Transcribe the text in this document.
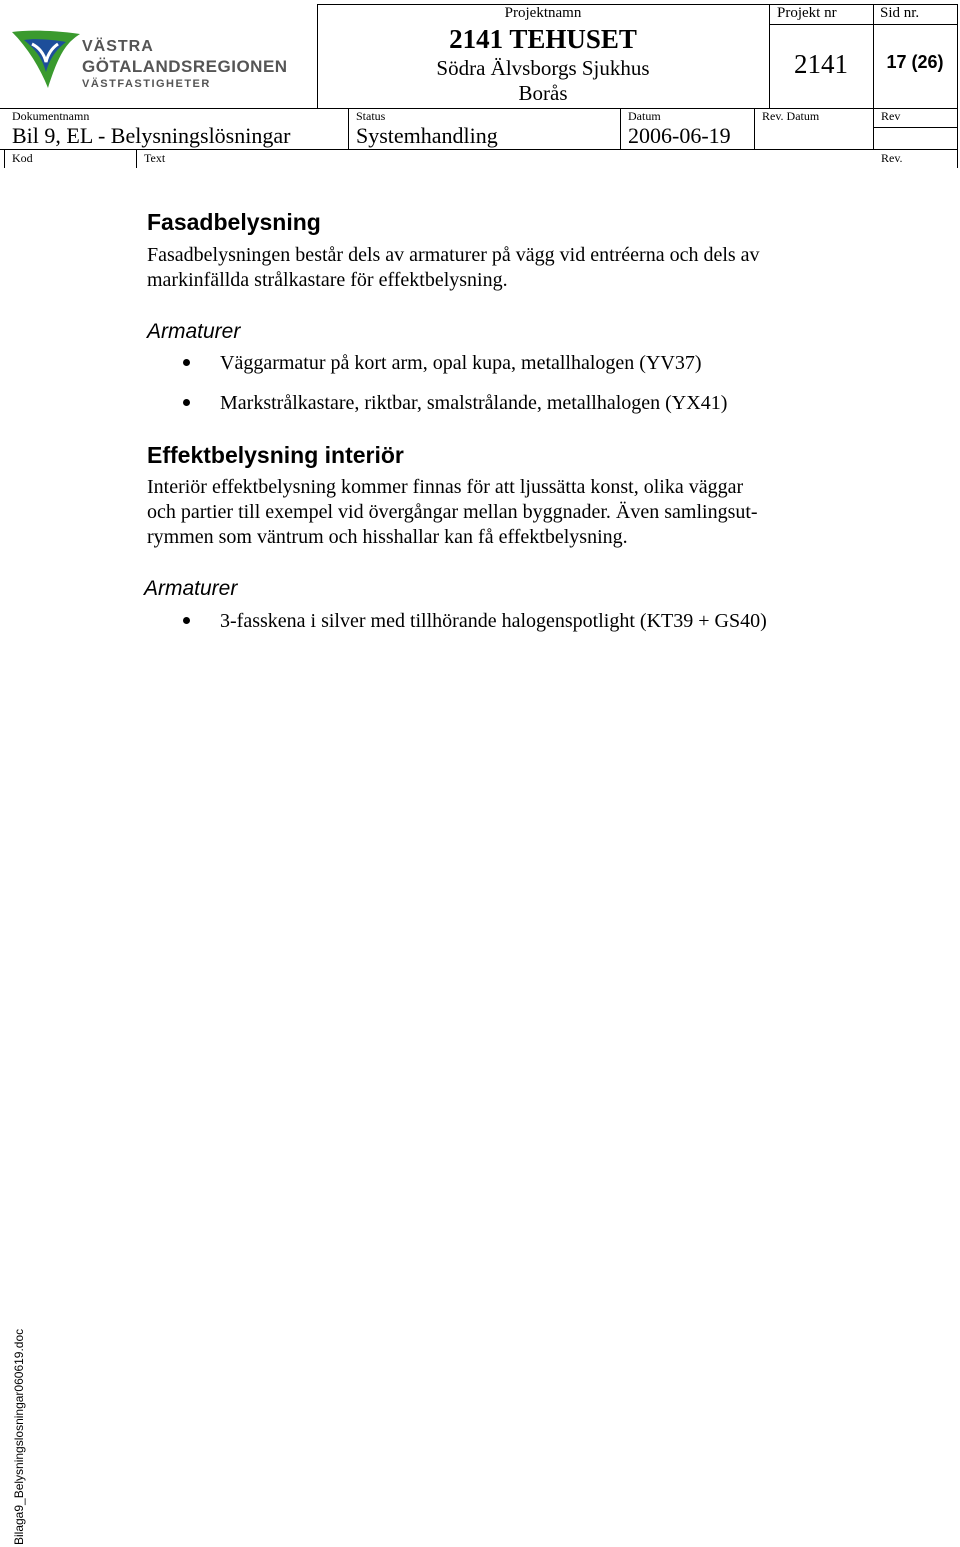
VÄSTRA
GÖTALANDSREGIONEN
VÄSTFASTIGHETER
Projektnamn
2141 TEHUSET
Södra Älvsborgs Sjukhus
Borås
Projekt nr
2141
Sid nr.
17 (26)
Dokumentnamn
Bil 9, EL - Belysningslösningar
Status
Systemhandling
Datum
2006-06-19
Rev. Datum	Rev
Kod	Text	Rev.
Fasadbelysning
Fasadbelysningen består dels av armaturer på vägg vid entréerna och dels av
markinfällda strålkastare för effektbelysning.
Armaturer
Väggarmatur på kort arm, opal kupa, metallhalogen (YV37)
Markstrålkastare, riktbar, smalstrålande, metallhalogen (YX41)
Effektbelysning interiör
Interiör effektbelysning kommer finnas för att ljussätta konst, olika väggar
och partier till exempel vid övergångar mellan byggnader. Även samlingsut-
rymmen som väntrum och hisshallar kan få effektbelysning.
Armaturer
3-fasskena i silver med tillhörande halogenspotlight (KT39 + GS40)
Bilaga9_Belysningslosningar060619.doc
